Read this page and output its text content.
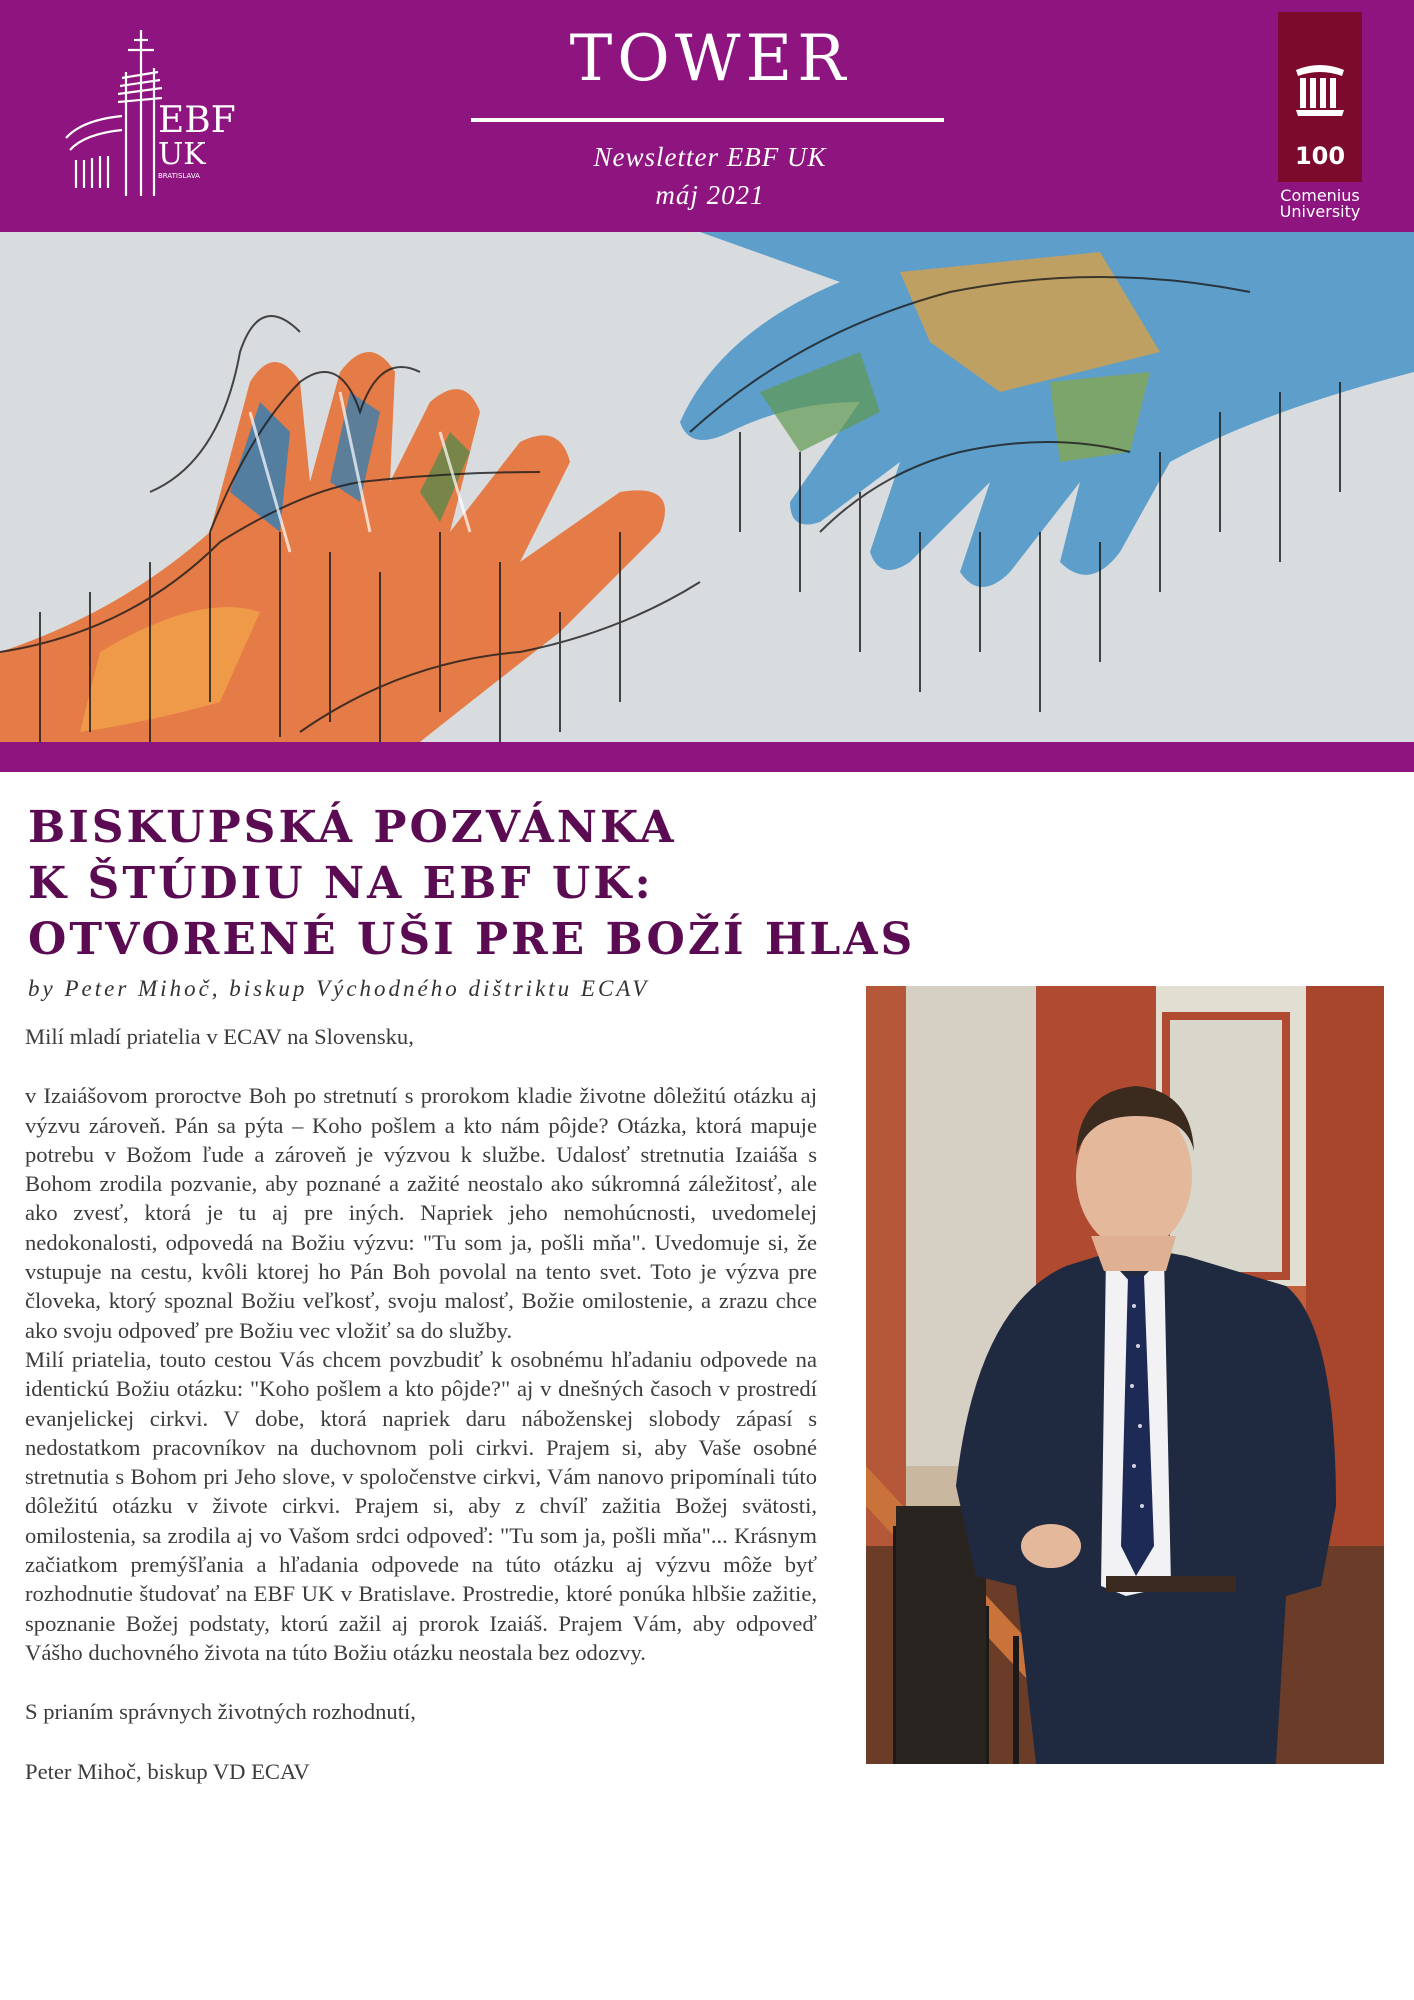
EBF
UK
BRATISLAVA
TOWER
Newsletter EBF UK
máj 2021
100
Comenius
University
BISKUPSKÁ POZVÁNKA
K ŠTÚDIU NA EBF UK:
OTVORENÉ UŠI PRE BOŽÍ HLAS
by Peter Mihoč, biskup Východného dištriktu ECAV

Milí mladí priatelia v ECAV na Slovensku,

v Izaiášovom proroctve Boh po stretnutí s prorokom kladie životne dôležitú otázku aj výzvu zároveň. Pán sa pýta – Koho pošlem a kto nám pôjde? Otázka, ktorá mapuje potrebu v Božom ľude a zároveň je výzvou k službe. Udalosť stretnutia Izaiáša s Bohom zrodila pozvanie, aby poznané a zažité neostalo ako súkromná záležitosť, ale ako zvesť, ktorá je tu aj pre iných. Napriek jeho nemohúcnosti, uvedomelej nedokonalosti, odpovedá na Božiu výzvu: "Tu som ja, pošli mňa". Uvedomuje si, že vstupuje na cestu, kvôli ktorej ho Pán Boh povolal na tento svet. Toto je výzva pre človeka, ktorý spoznal Božiu veľkosť, svoju malosť, Božie omilostenie, a zrazu chce ako svoju odpoveď pre Božiu vec vložiť sa do služby.

Milí priatelia, touto cestou Vás chcem povzbudiť k osobnému hľadaniu odpovede na identickú Božiu otázku: "Koho pošlem a kto pôjde?" aj v dnešných časoch v prostredí evanjelickej cirkvi. V dobe, ktorá napriek daru náboženskej slobody zápasí s nedostatkom pracovníkov na duchovnom poli cirkvi. Prajem si, aby Vaše osobné stretnutia s Bohom pri Jeho slove, v spoločenstve cirkvi, Vám nanovo pripomínali túto dôležitú otázku v živote cirkvi. Prajem si, aby z chvíľ zažitia Božej svätosti, omilostenia, sa zrodila aj vo Vašom srdci odpoveď: "Tu som ja, pošli mňa"... Krásnym začiatkom premýšľania a hľadania odpovede na túto otázku aj výzvu môže byť rozhodnutie študovať na EBF UK v Bratislave. Prostredie, ktoré ponúka hlbšie zažitie, spoznanie Božej podstaty, ktorú zažil aj prorok Izaiáš. Prajem Vám, aby odpoveď Vášho duchovného života na túto Božiu otázku neostala bez odozvy.

S prianím správnych životných rozhodnutí,

Peter Mihoč, biskup VD ECAV
